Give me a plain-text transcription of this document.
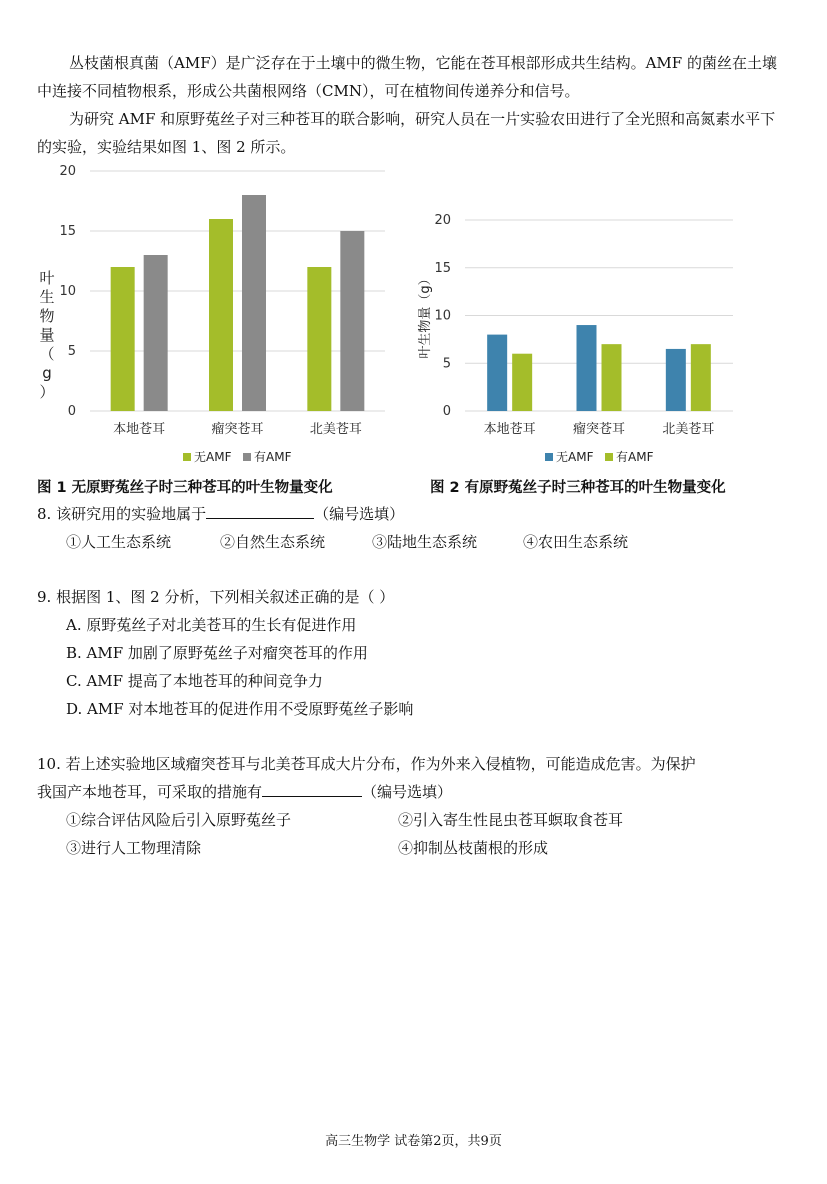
丛枝菌根真菌（AMF）是广泛存在于土壤中的微生物，它能在苍耳根部形成共生结构。AMF 的菌丝在土壤中连接不同植物根系，形成公共菌根网络（CMN），可在植物间传递养分和信号。
为研究 AMF 和原野菟丝子对三种苍耳的联合影响，研究人员在一片实验农田进行了全光照和高氮素水平下的实验，实验结果如图 1、图 2 所示。
0
5
10
15
20
叶
生
物
量
（
g
）
本地苍耳	瘤突苍耳	北美苍耳
无AMF 有AMF
0
5
10
15
20
叶生物量（g）
本地苍耳	瘤突苍耳	北美苍耳
无AMF 有AMF
图 1 无原野菟丝子时三种苍耳的叶生物量变化	图 2 有原野菟丝子时三种苍耳的叶生物量变化
8. 该研究用的实验地属于	（编号选填）
①人工生态系统	②自然生态系统	③陆地生态系统	④农田生态系统
9. 根据图 1、图 2 分析，下列相关叙述正确的是（ ）
A. 原野菟丝子对北美苍耳的生长有促进作用
B. AMF 加剧了原野菟丝子对瘤突苍耳的作用
C. AMF 提高了本地苍耳的种间竞争力
D. AMF 对本地苍耳的促进作用不受原野菟丝子影响
10. 若上述实验地区域瘤突苍耳与北美苍耳成大片分布，作为外来入侵植物，可能造成危害。为保护
我国产本地苍耳，可采取的措施有	（编号选填）
①综合评估风险后引入原野菟丝子	②引入寄生性昆虫苍耳螟取食苍耳
③进行人工物理清除	④抑制丛枝菌根的形成
高三生物学 试卷第2页，共9页
